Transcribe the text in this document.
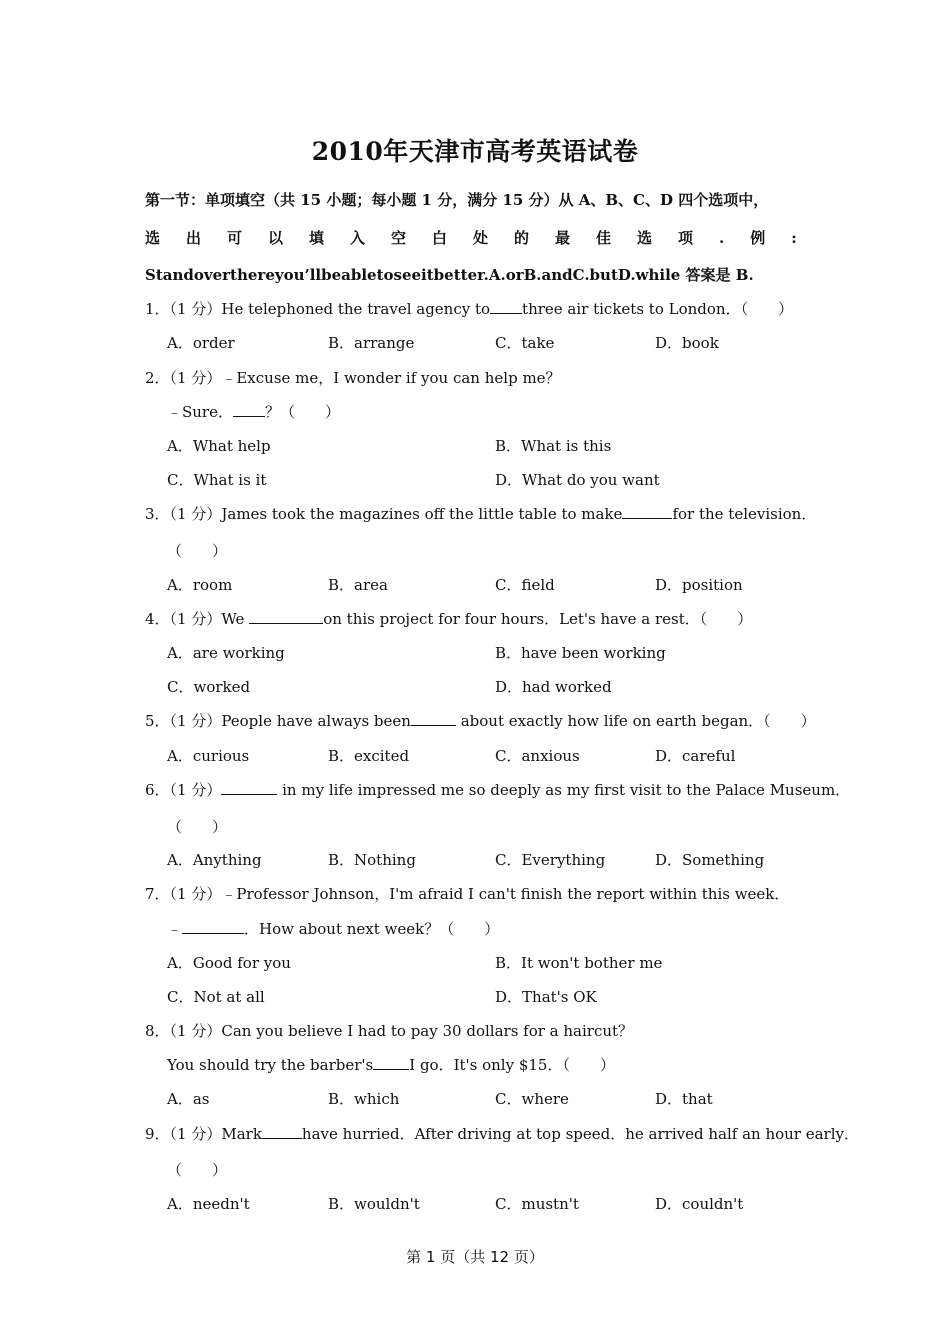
2010年天津市高考英语试卷
第一节：单项填空（共 15 小题；每小题 1 分，满分 15 分）从 A、B、C、D 四个选项中，
选 出 可 以 填 入 空 白 处 的 最 佳 选 项 . 例 :
Standoverthereyou’llbeabletoseeitbetter.A.orB.andC.butD.while 答案是 B.
1．（1 分）He telephoned the travel agency to three air tickets to London．（　　）
A．order	B．arrange	C．take	D．book
2．（1 分）﹣Excuse me，I wonder if you can help me？
﹣Sure． ？（　　）
A．What help	B．What is this
C．What is it	D．What do you want
3．（1 分） James took the magazines off the little table to make	for the television．
（　　）
A．room	B．area	C．field	D．position
4．（1 分）We	on this project for four hours．Let's have a rest．（　　）
A．are working	B．have been working
C．worked	D．had worked
5．（1 分）People have always been	about exactly how life on earth began．（　　）
A．curious	B．excited	C．anxious	D．careful
6．（1 分）	in my life impressed me so deeply as my first visit to the Palace Museum．
（　　）
A．Anything	B．Nothing	C．Everything	D．Something
7．（1 分）﹣Professor Johnson，I'm afraid I can't finish the report within this week．
﹣	．How about next week？（　　）
A．Good for you	B．It won't bother me
C．Not at all	D．That's OK
8．（1 分）Can you believe I had to pay 30 dollars for a haircut？
You should try the barber's I go．It's only $15．（　　）
A．as	B．which	C．where	D．that
9．（1 分）Mark	have hurried．After driving at top speed．he arrived half an hour early．
（　　）
A．needn't	B．wouldn't	C．mustn't	D．couldn't
第 1 页（共 12 页）
